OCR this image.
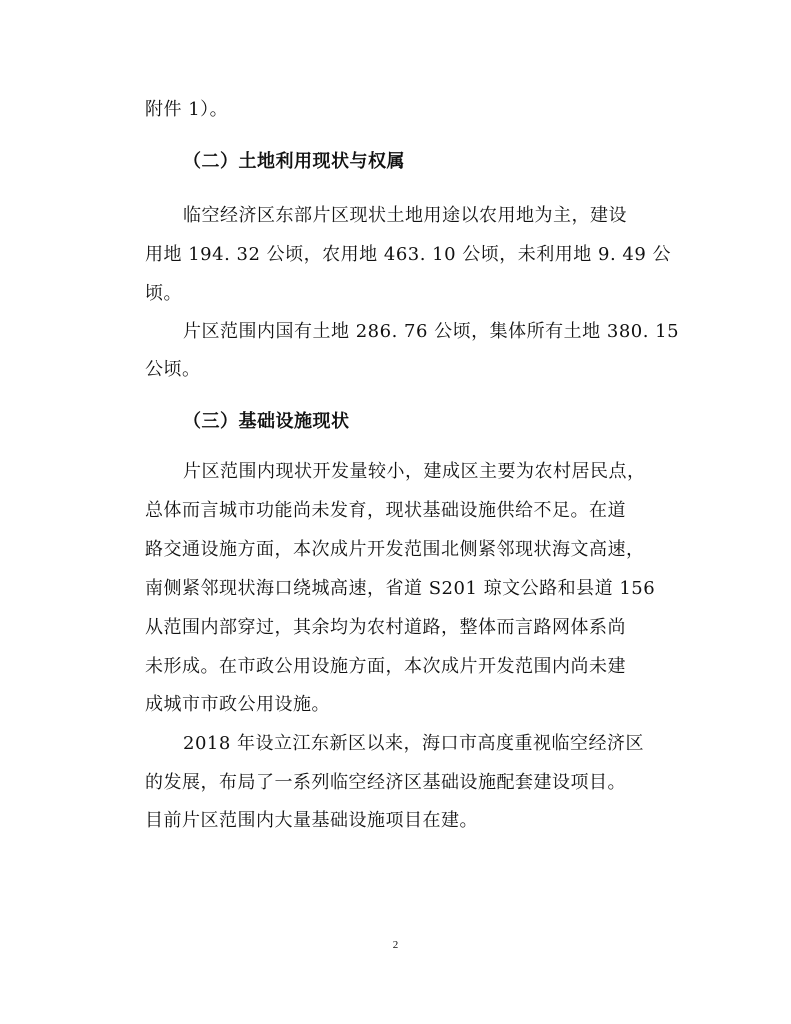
附件 1）。
（二）土地利用现状与权属
临空经济区东部片区现状土地用途以农用地为主，建设
用地 194. 32 公顷，农用地 463. 10 公顷，未利用地 9. 49 公
顷。
片区范围内国有土地 286. 76 公顷，集体所有土地 380. 15
公顷。
（三）基础设施现状
片区范围内现状开发量较小，建成区主要为农村居民点，
总体而言城市功能尚未发育，现状基础设施供给不足。在道
路交通设施方面，本次成片开发范围北侧紧邻现状海文高速，
南侧紧邻现状海口绕城高速，省道 S201 琼文公路和县道 156
从范围内部穿过，其余均为农村道路，整体而言路网体系尚
未形成。在市政公用设施方面，本次成片开发范围内尚未建
成城市市政公用设施。
2018 年设立江东新区以来，海口市高度重视临空经济区
的发展，布局了一系列临空经济区基础设施配套建设项目。
目前片区范围内大量基础设施项目在建。
2
